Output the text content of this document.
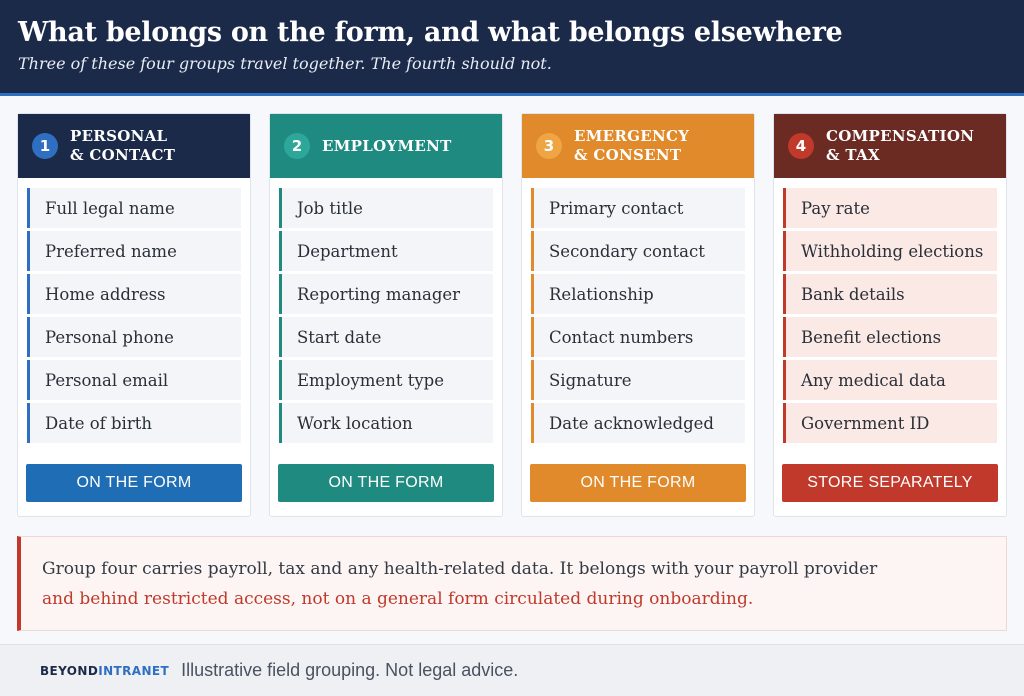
What belongs on the form, and what belongs elsewhere
Three of these four groups travel together. The fourth should not.
1
PERSONAL
& CONTACT
Full legal name
Preferred name
Home address
Personal phone
Personal email
Date of birth
ON THE FORM
2	EMPLOYMENT
Job title
Department
Reporting manager
Start date
Employment type
Work location
ON THE FORM
3
EMERGENCY
& CONSENT
Primary contact
Secondary contact
Relationship
Contact numbers
Signature
Date acknowledged
ON THE FORM
4
COMPENSATION
& TAX
Pay rate
Withholding elections
Bank details
Benefit elections
Any medical data
Government ID
STORE SEPARATELY
Group four carries payroll, tax and any health-related data. It belongs with your payroll provider
and behind restricted access, not on a general form circulated during onboarding.
BEYONDINTRANET Illustrative field grouping. Not legal advice.
